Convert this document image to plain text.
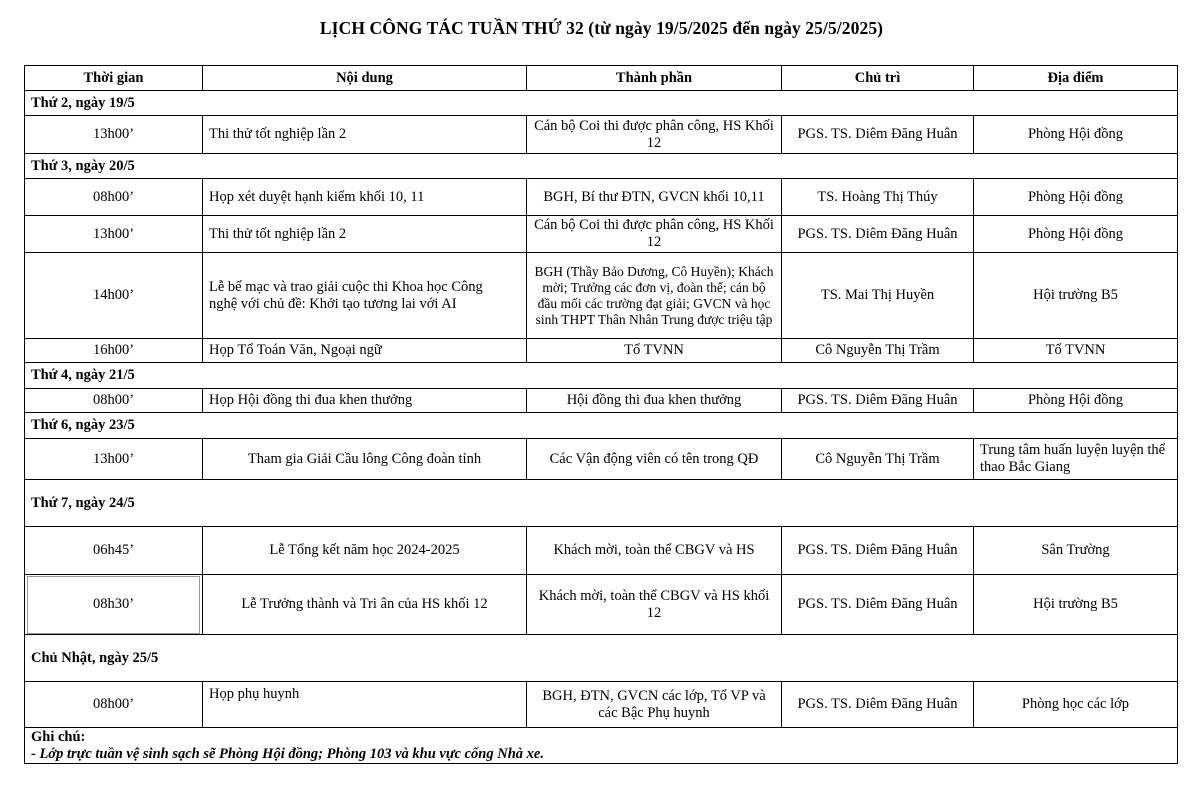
LỊCH CÔNG TÁC TUẦN THỨ 32 (từ ngày 19/5/2025 đến ngày 25/5/2025)
Thời gian	Nội dung	Thành phần	Chủ trì	Địa điểm
Thứ 2, ngày 19/5				
13h00’	Thi thử tốt nghiệp lần 2	Cán bộ Coi thi được phân công, HS Khối 12	PGS. TS. Diêm Đăng Huân	Phòng Hội đồng
Thứ 3, ngày 20/5				
08h00’	Họp xét duyệt hạnh kiểm khối 10, 11	BGH, Bí thư ĐTN, GVCN khối 10,11	TS. Hoàng Thị Thúy	Phòng Hội đồng
13h00’	Thi thử tốt nghiệp lần 2	Cán bộ Coi thi được phân công, HS Khối 12	PGS. TS. Diêm Đăng Huân	Phòng Hội đồng
14h00’	Lễ bế mạc và trao giải cuộc thi Khoa học Công nghệ với chủ đề: Khởi tạo tương lai với AI	BGH (Thầy Bảo Dương, Cô Huyền); Khách mời; Trưởng các đơn vị, đoàn thể; cán bộ đầu mối các trường đạt giải; GVCN và học sinh THPT Thân Nhân Trung được triệu tập	TS. Mai Thị Huyền	Hội trường B5
16h00’	Họp Tổ Toán Văn, Ngoại ngữ	Tổ TVNN	Cô Nguyễn Thị Trầm	Tổ TVNN
Thứ 4, ngày 21/5				
08h00’	Họp Hội đồng thi đua khen thưởng	Hội đồng thi đua khen thưởng	PGS. TS. Diêm Đăng Huân	Phòng Hội đồng
Thứ 6, ngày 23/5				
13h00’	Tham gia Giải Cầu lông Công đoàn tỉnh	Các Vận động viên có tên trong QĐ	Cô Nguyễn Thị Trầm	Trung tâm huấn luyện luyện thể thao Bắc Giang
Thứ 7, ngày 24/5				
06h45’	Lễ Tổng kết năm học 2024-2025	Khách mời, toàn thể CBGV và HS	PGS. TS. Diêm Đăng Huân	Sân Trường

08h30’	Lễ Trưởng thành và Tri ân của HS khối 12	Khách mời, toàn thể CBGV và HS khối 12	PGS. TS. Diêm Đăng Huân	Hội trường B5
Chủ Nhật, ngày 25/5				
08h00’	Họp phụ huynh	BGH, ĐTN, GVCN các lớp, Tổ VP và các Bậc Phụ huynh	PGS. TS. Diêm Đăng Huân	Phòng học các lớp

Ghi chú:
- Lớp trực tuần vệ sinh sạch sẽ Phòng Hội đồng; Phòng 103 và khu vực cổng Nhà xe.				
